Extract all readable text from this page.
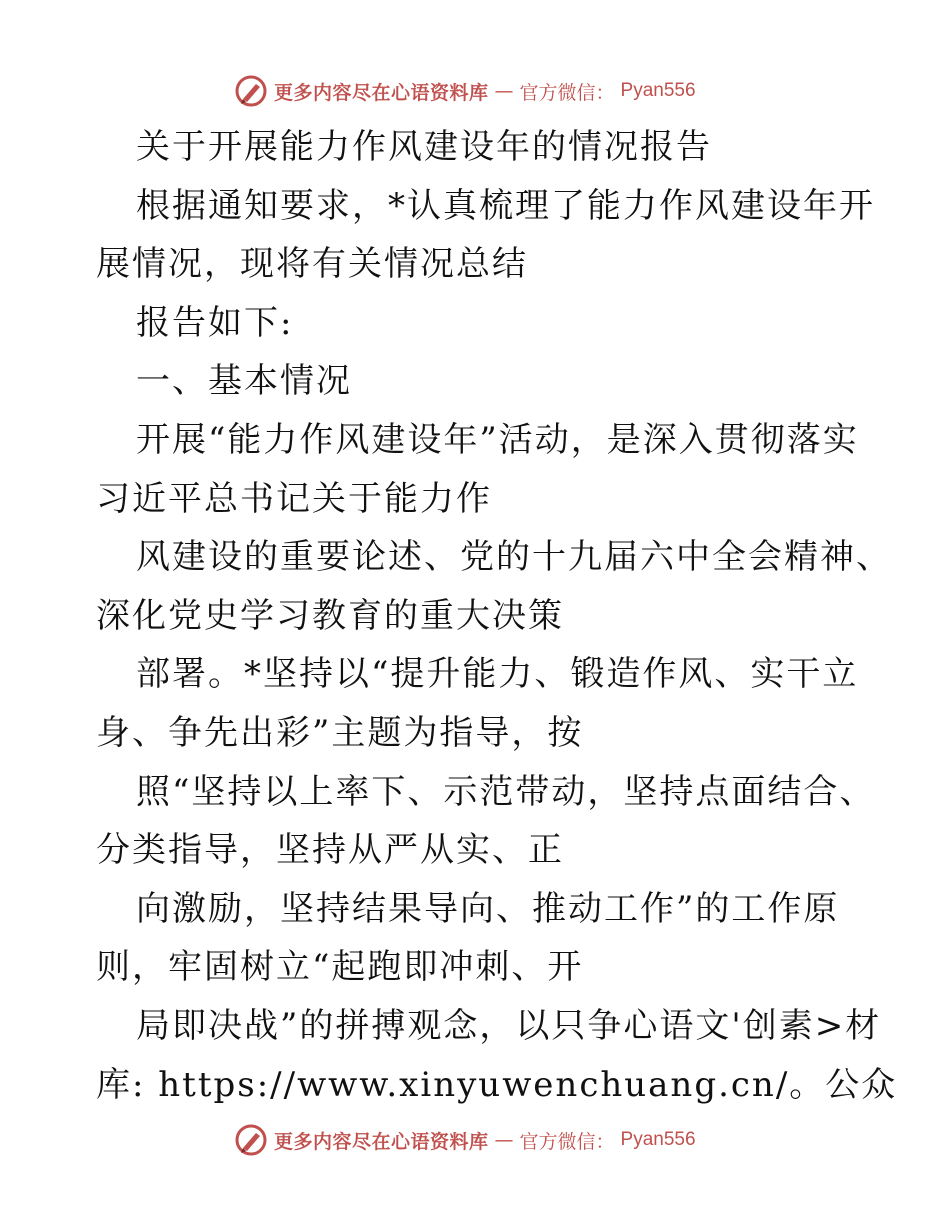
更多内容尽在心语资料库 — 官方微信： Pyan556
关于开展能力作风建设年的情况报告
根据通知要求，*认真梳理了能力作风建设年开
展情况，现将有关情况总结
报告如下:
一、基本情况
开展“能力作风建设年”活动，是深入贯彻落实
习近平总书记关于能力作
风建设的重要论述、党的十九届六中全会精神、
深化党史学习教育的重大决策
部署。*坚持以“提升能力、锻造作风、实干立
身、争先出彩”主题为指导，按
照“坚持以上率下、示范带动，坚持点面结合、
分类指导，坚持从严从实、正
向激励，坚持结果导向、推动工作”的工作原
则，牢固树立“起跑即冲刺、开
局即决战”的拼搏观念，以只争心语文'创素>材
库: https://www.xinyuwenchuang.cn/。公众
更多内容尽在心语资料库 — 官方微信： Pyan556
